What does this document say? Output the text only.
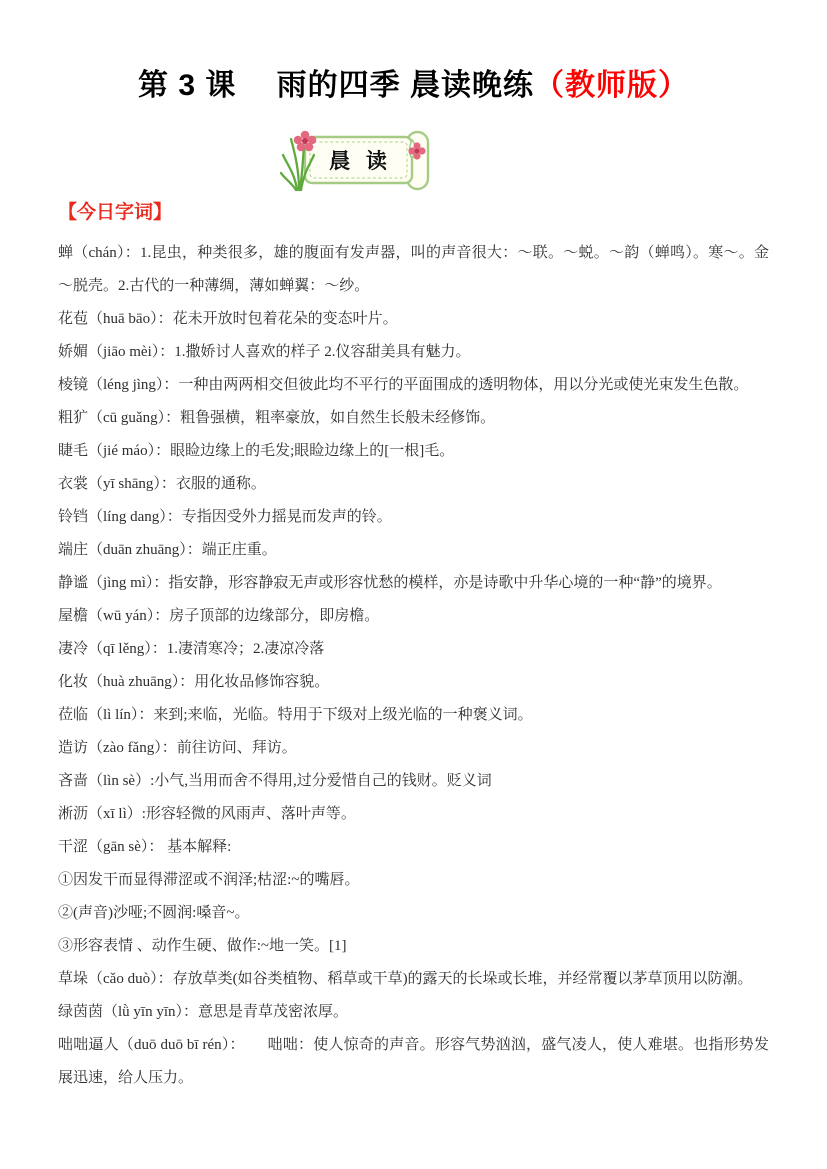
第 3 课　 雨的四季 晨读晚练（教师版）
晨 读
【今日字词】

蝉（chán）：1.昆虫，种类很多，雄的腹面有发声器，叫的声音很大：～联。～蜕。～韵（蝉鸣）。寒～。金～脱壳。2.古代的一种薄绸，薄如蝉翼：～纱。

花苞（huā bāo）：花未开放时包着花朵的变态叶片。

娇媚（jiāo mèi）：1.撒娇讨人喜欢的样子 2.仪容甜美具有魅力。

棱镜（léng jìng）：一种由两两相交但彼此均不平行的平面围成的透明物体，用以分光或使光束发生色散。

粗犷（cū guǎng）：粗鲁强横，粗率豪放，如自然生长般未经修饰。

睫毛（jié máo）：眼睑边缘上的毛发;眼睑边缘上的[一根]毛。

衣裳（yī shāng）：衣服的通称。

铃铛（líng dang）：专指因受外力摇晃而发声的铃。

端庄（duān zhuāng）：端正庄重。

静谧（jìng mì）：指安静，形容静寂无声或形容忧愁的模样，亦是诗歌中升华心境的一种“静”的境界。

屋檐（wū yán）：房子顶部的边缘部分，即房檐。

凄冷（qī lěng）：1.凄清寒冷；2.凄凉冷落

化妆（huà zhuāng）：用化妆品修饰容貌。

莅临（lì lín）：来到;来临，光临。特用于下级对上级光临的一种褒义词。

造访（zào fǎng）：前往访问、拜访。

吝啬（lìn sè）:小气,当用而舍不得用,过分爱惜自己的钱财。贬义词

淅沥（xī lì）:形容轻微的风雨声、落叶声等。

干涩（gān sè）： 基本解释:

①因发干而显得滞涩或不润泽;枯涩:~的嘴唇。

②(声音)沙哑;不圆润:嗓音~。

③形容表情 、动作生硬、做作:~地一笑。[1]

草垛（cǎo duò）：存放草类(如谷类植物、稻草或干草)的露天的长垛或长堆，并经常覆以茅草顶用以防潮。

绿茵茵（lǜ yīn yīn）：意思是青草茂密浓厚。

咄咄逼人（duō duō bī rén）：　　咄咄：使人惊奇的声音。形容气势汹汹，盛气凌人，使人难堪。也指形势发展迅速，给人压力。
